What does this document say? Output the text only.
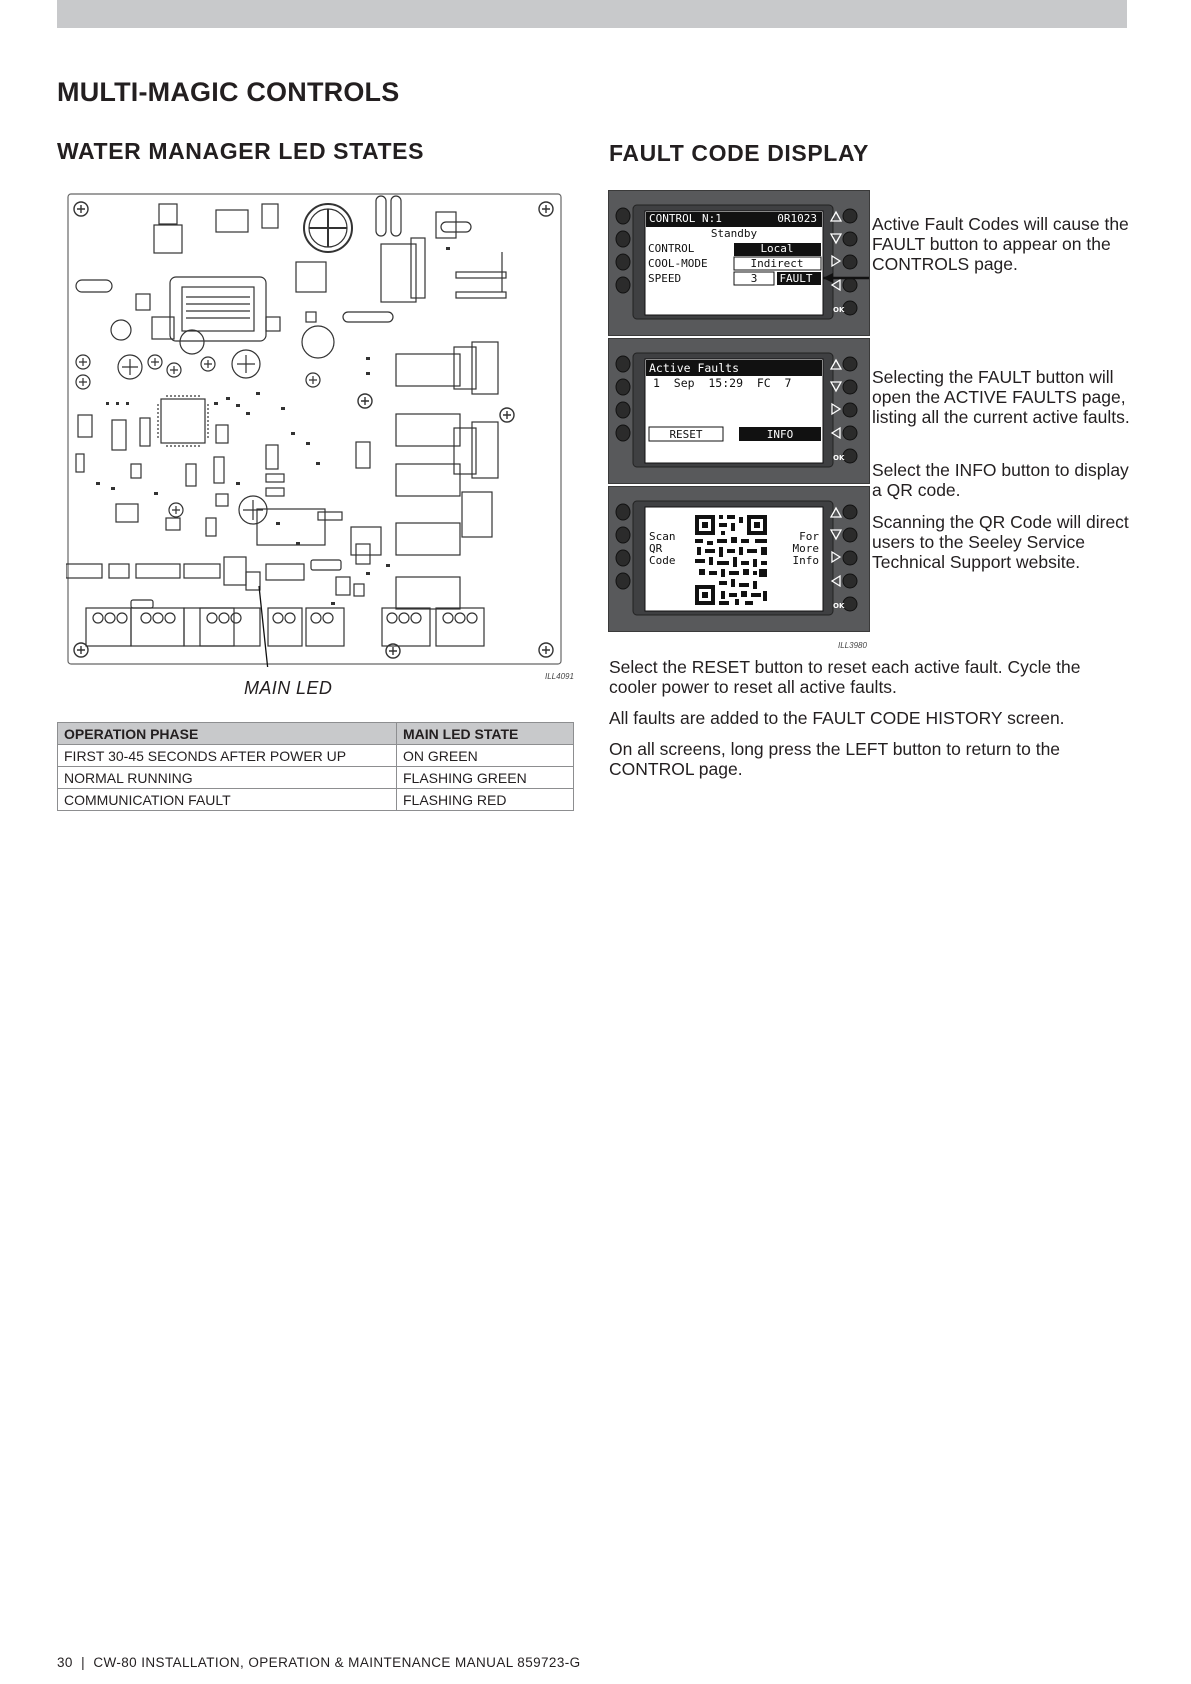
MULTI-MAGIC CONTROLS
WATER MANAGER LED STATES	FAULT CODE DISPLAY
ILL4091
MAIN LED
OPERATION PHASE	MAIN LED STATE
FIRST 30-45 SECONDS AFTER POWER UP	ON GREEN
NORMAL RUNNING	FLASHING GREEN
COMMUNICATION FAULT	FLASHING RED
OK
CONTROL N:1	0R1023
Standby
CONTROL	Local
COOL-MODE	Indirect
SPEED	3	FAULT
OK
Active Faults
1  Sep  15:29  FC  7
RESET	INFO
OK
Scan
QR
Code
For
More
Info
ILL3980

Active Fault Codes will cause the FAULT button to appear on the CONTROLS page.

Selecting the FAULT button will open the ACTIVE FAULTS page, listing all the current active faults.

Select the INFO button to display a QR code.

Scanning the QR Code will direct users to the Seeley Service Technical Support website.

Select the RESET button to reset each active fault. Cycle the cooler power to reset all active faults.

All faults are added to the FAULT CODE HISTORY screen.

On all screens, long press the LEFT button to return to the CONTROL page.

30  |  CW-80 INSTALLATION, OPERATION & MAINTENANCE MANUAL 859723-G
